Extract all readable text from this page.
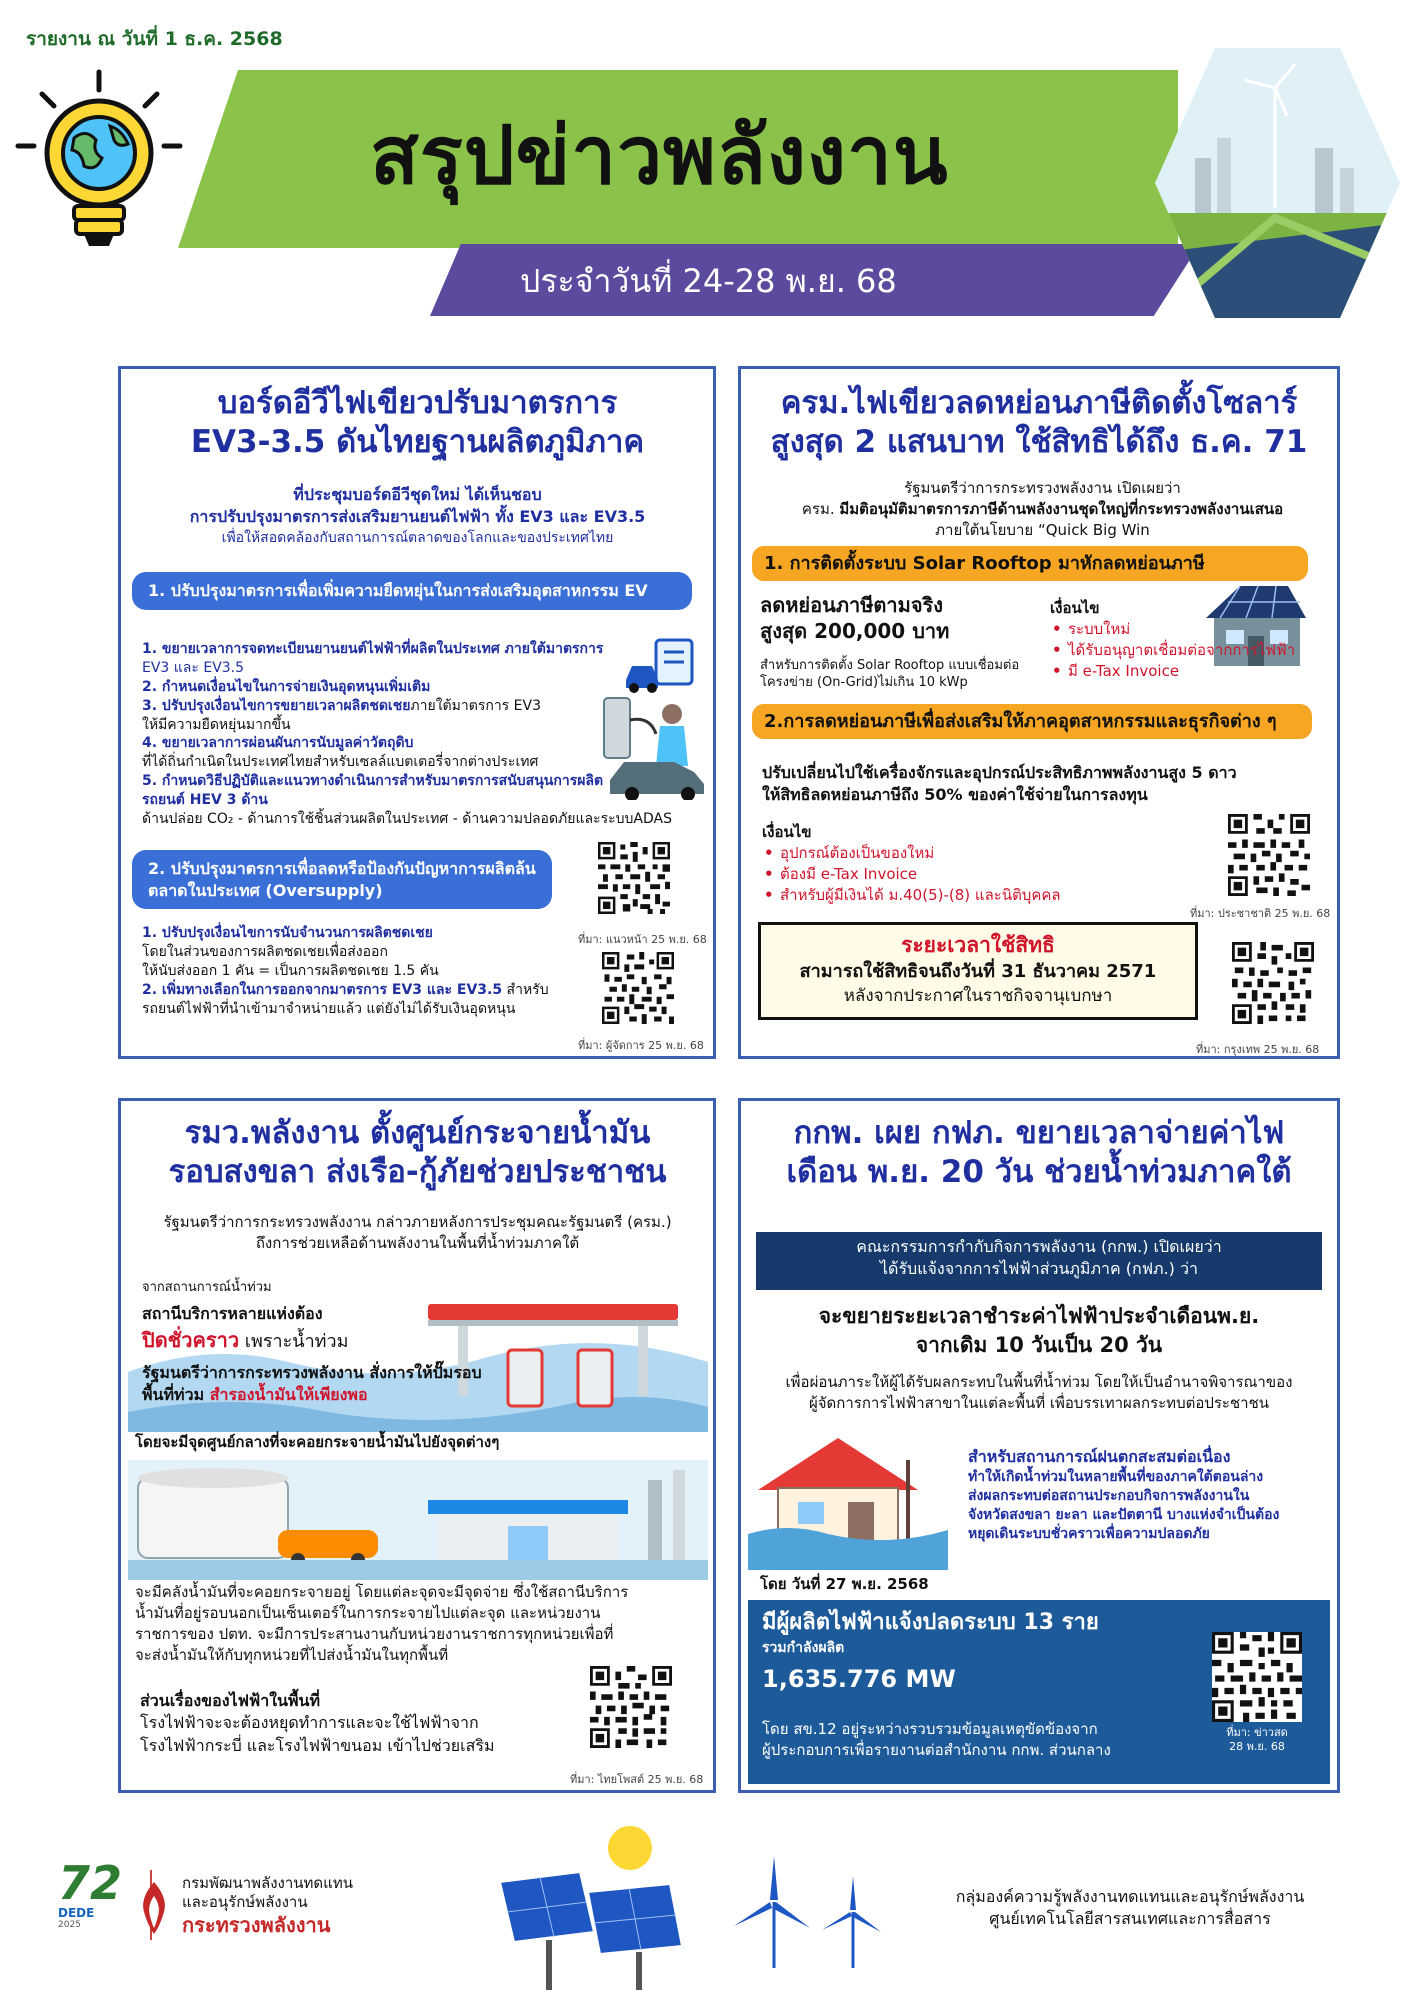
รายงาน ณ วันที่ 1 ธ.ค. 2568
สรุปข่าวพลังงาน
ประจำวันที่ 24-28 พ.ย. 68
บอร์ดอีวีไฟเขียวปรับมาตรการ
EV3-3.5 ดันไทยฐานผลิตภูมิภาค
ที่ประชุมบอร์ดอีวีชุดใหม่ ได้เห็นชอบ
การปรับปรุงมาตรการส่งเสริมยานยนต์ไฟฟ้า ทั้ง EV3 และ EV3.5
เพื่อให้สอดคล้องกับสถานการณ์ตลาดของโลกและของประเทศไทย
1. ปรับปรุงมาตรการเพื่อเพิ่มความยืดหยุ่นในการส่งเสริมอุตสาหกรรม EV
1. ขยายเวลาการจดทะเบียนยานยนต์ไฟฟ้าที่ผลิตในประเทศ ภายใต้มาตรการ EV3 และ EV3.5
2. กำหนดเงื่อนไขในการจ่ายเงินอุดหนุนเพิ่มเติม
3. ปรับปรุงเงื่อนไขการขยายเวลาผลิตชดเชยภายใต้มาตรการ EV3
ให้มีความยืดหยุ่นมากขึ้น
4. ขยายเวลาการผ่อนผันการนับมูลค่าวัตถุดิบ
ที่ได้ถิ่นกำเนิดในประเทศไทยสำหรับเซลล์แบตเตอรี่จากต่างประเทศ
5. กำหนดวิธีปฏิบัติและแนวทางดำเนินการสำหรับมาตรการสนับสนุนการผลิตรถยนต์ HEV 3 ด้าน
ด้านปล่อย CO₂ - ด้านการใช้ชิ้นส่วนผลิตในประเทศ - ด้านความปลอดภัยและระบบADAS
2. ปรับปรุงมาตรการเพื่อลดหรือป้องกันปัญหาการผลิตล้นตลาดในประเทศ (Oversupply)
ที่มา: แนวหน้า 25 พ.ย. 68
1. ปรับปรุงเงื่อนไขการนับจำนวนการผลิตชดเชย
โดยในส่วนของการผลิตชดเชยเพื่อส่งออก
ให้นับส่งออก 1 คัน = เป็นการผลิตชดเชย 1.5 คัน
2. เพิ่มทางเลือกในการออกจากมาตรการ EV3 และ EV3.5 สำหรับรถยนต์ไฟฟ้าที่นำเข้ามาจำหน่ายแล้ว แต่ยังไม่ได้รับเงินอุดหนุน
ที่มา: ผู้จัดการ 25 พ.ย. 68
ครม.ไฟเขียวลดหย่อนภาษีติดตั้งโซลาร์
สูงสุด 2 แสนบาท ใช้สิทธิได้ถึง ธ.ค. 71
รัฐมนตรีว่าการกระทรวงพลังงาน เปิดเผยว่า
ครม. มีมติอนุมัติมาตรการภาษีด้านพลังงานชุดใหญ่ที่กระทรวงพลังงานเสนอ
ภายใต้นโยบาย “Quick Big Win
1. การติดตั้งระบบ Solar Rooftop มาหักลดหย่อนภาษี
ลดหย่อนภาษีตามจริง
สูงสุด 200,000 บาท
สำหรับการติดตั้ง Solar Rooftop แบบเชื่อมต่อโครงข่าย (On-Grid)ไม่เกิน 10 kWp
เงื่อนไข
• ระบบใหม่
• ได้รับอนุญาตเชื่อมต่อจากการไฟฟ้า
• มี e-Tax Invoice
2.การลดหย่อนภาษีเพื่อส่งเสริมให้ภาคอุตสาหกรรมและธุรกิจต่าง ๆ
ปรับเปลี่ยนไปใช้เครื่องจักรและอุปกรณ์ประสิทธิภาพพลังงานสูง 5 ดาว
ให้สิทธิลดหย่อนภาษีถึง 50% ของค่าใช้จ่ายในการลงทุน
เงื่อนไข
• อุปกรณ์ต้องเป็นของใหม่
• ต้องมี e-Tax Invoice
• สำหรับผู้มีเงินได้ ม.40(5)-(8) และนิติบุคคล
ที่มา: ประชาชาติ 25 พ.ย. 68
ระยะเวลาใช้สิทธิ
สามารถใช้สิทธิจนถึงวันที่ 31 ธันวาคม 2571
หลังจากประกาศในราชกิจจานุเบกษา
ที่มา: กรุงเทพ 25 พ.ย. 68
รมว.พลังงาน ตั้งศูนย์กระจายน้ำมัน
รอบสงขลา ส่งเรือ-กู้ภัยช่วยประชาชน
รัฐมนตรีว่าการกระทรวงพลังงาน กล่าวภายหลังการประชุมคณะรัฐมนตรี (ครม.)
ถึงการช่วยเหลือด้านพลังงานในพื้นที่น้ำท่วมภาคใต้
จากสถานการณ์น้ำท่วม
สถานีบริการหลายแห่งต้อง
ปิดชั่วคราว เพราะน้ำท่วม
รัฐมนตรีว่าการกระทรวงพลังงาน สั่งการให้ปั๊มรอบ
พื้นที่ท่วม สำรองน้ำมันให้เพียงพอ
โดยจะมีจุดศูนย์กลางที่จะคอยกระจายน้ำมันไปยังจุดต่างๆ
จะมีคลังน้ำมันที่จะคอยกระจายอยู่ โดยแต่ละจุดจะมีจุดจ่าย ซึ่งใช้สถานีบริการ
น้ำมันที่อยู่รอบนอกเป็นเซ็นเตอร์ในการกระจายไปแต่ละจุด และหน่วยงาน
ราชการของ ปตท. จะมีการประสานงานกับหน่วยงานราชการทุกหน่วยเพื่อที่
จะส่งน้ำมันให้กับทุกหน่วยที่ไปส่งน้ำมันในทุกพื้นที่
ส่วนเรื่องของไฟฟ้าในพื้นที่
โรงไฟฟ้าจะจะต้องหยุดทำการและจะใช้ไฟฟ้าจาก
โรงไฟฟ้ากระบี่ และโรงไฟฟ้าขนอม เข้าไปช่วยเสริม
ที่มา: ไทยโพสต์ 25 พ.ย. 68
กกพ. เผย กฟภ. ขยายเวลาจ่ายค่าไฟ
เดือน พ.ย. 20 วัน ช่วยน้ำท่วมภาคใต้
คณะกรรมการกำกับกิจการพลังงาน (กกพ.) เปิดเผยว่า
ได้รับแจ้งจากการไฟฟ้าส่วนภูมิภาค (กฟภ.) ว่า
จะขยายระยะเวลาชำระค่าไฟฟ้าประจำเดือนพ.ย.
จากเดิม 10 วันเป็น 20 วัน
เพื่อผ่อนภาระให้ผู้ได้รับผลกระทบในพื้นที่น้ำท่วม โดยให้เป็นอำนาจพิจารณาของ
ผู้จัดการการไฟฟ้าสาขาในแต่ละพื้นที่ เพื่อบรรเทาผลกระทบต่อประชาชน
โดย วันที่ 27 พ.ย. 2568
สำหรับสถานการณ์ฝนตกสะสมต่อเนื่อง
ทำให้เกิดน้ำท่วมในหลายพื้นที่ของภาคใต้ตอนล่าง
ส่งผลกระทบต่อสถานประกอบกิจการพลังงานใน
จังหวัดสงขลา ยะลา และปัตตานี บางแห่งจำเป็นต้อง
หยุดเดินระบบชั่วคราวเพื่อความปลอดภัย
มีผู้ผลิตไฟฟ้าแจ้งปลดระบบ 13 ราย
รวมกำลังผลิต
1,635.776 MW
โดย สข.12 อยู่ระหว่างรวบรวมข้อมูลเหตุขัดข้องจาก
ผู้ประกอบการเพื่อรายงานต่อสำนักงาน กกพ. ส่วนกลาง
ที่มา: ข่าวสด
28 พ.ย. 68
72
DEDE
2025
กรมพัฒนาพลังงานทดแทน
และอนุรักษ์พลังงาน
กระทรวงพลังงาน
กลุ่มองค์ความรู้พลังงานทดแทนและอนุรักษ์พลังงาน
ศูนย์เทคโนโลยีสารสนเทศและการสื่อสาร
